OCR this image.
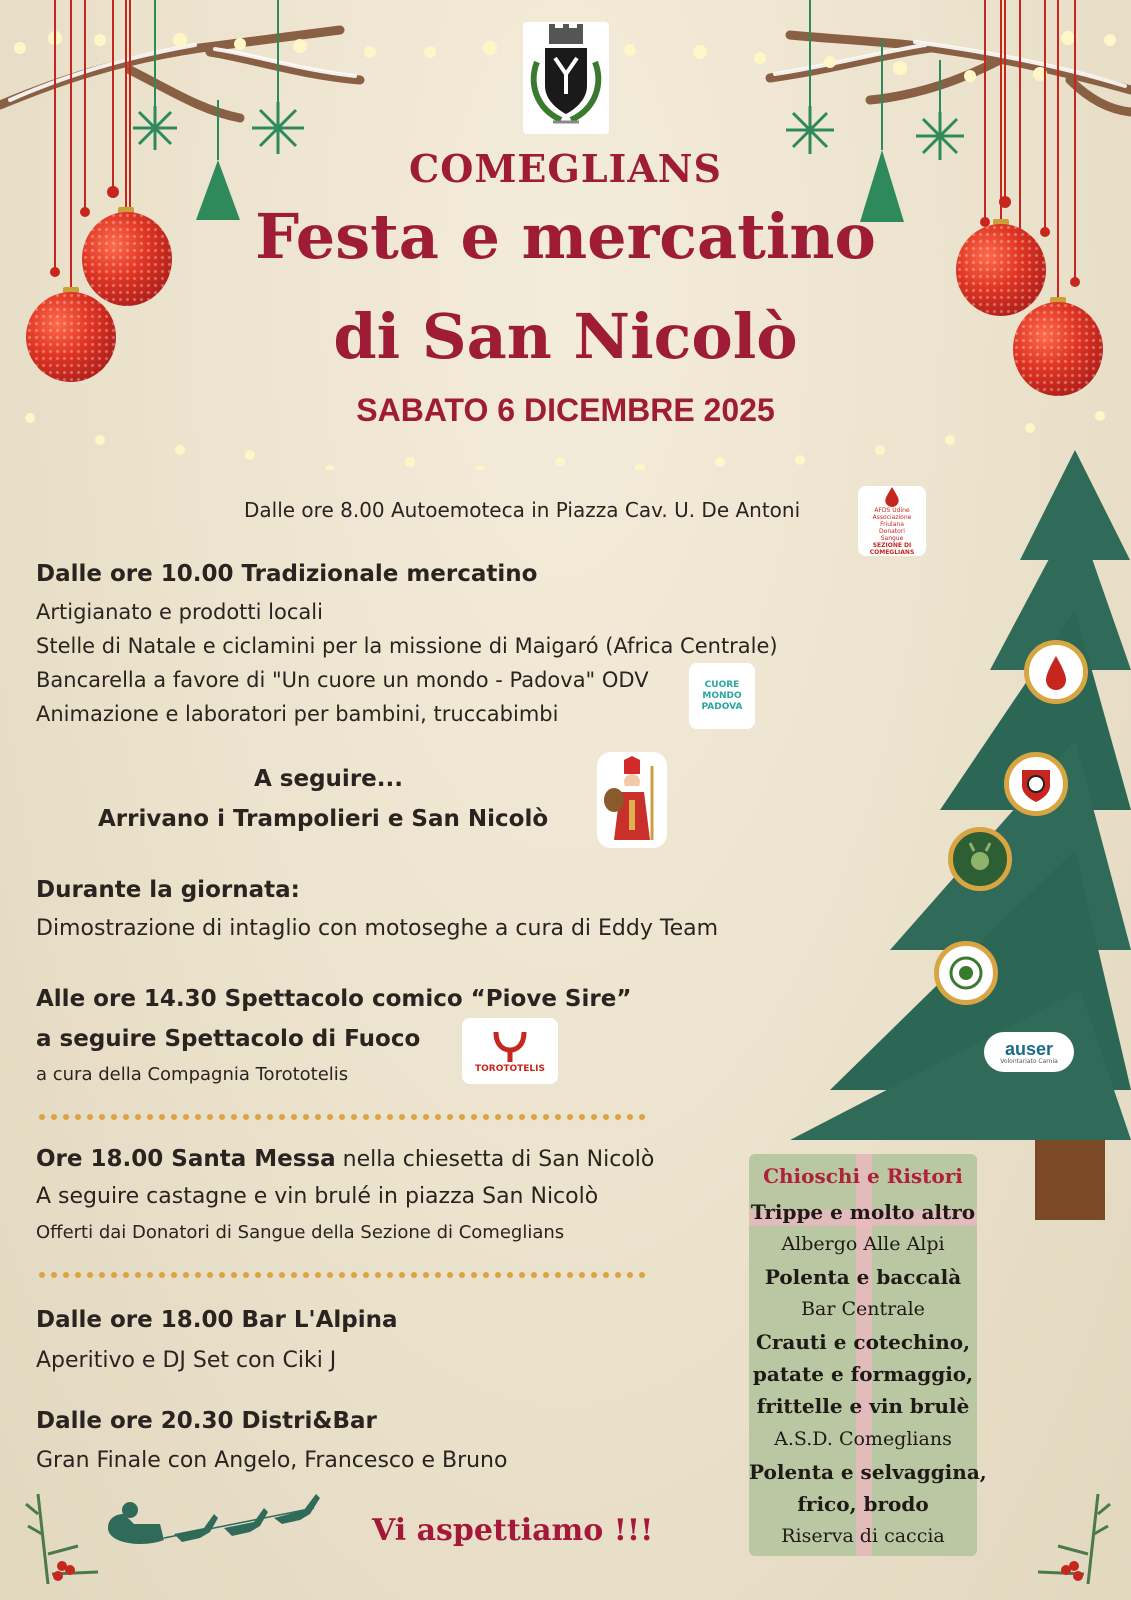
COMEGLIANS
Festa e mercatino
di San Nicolò
SABATO 6 DICEMBRE 2025
auser
Volontariato Carnia
Dalle ore 8.00 Autoemoteca in Piazza Cav. U. De Antoni	AFDS Udine
Associazione
Friulana
Donatori
Sangue
SEZIONE DI
COMEGLIANS
Dalle ore 10.00 Tradizionale mercatino
Artigianato e prodotti locali
Stelle di Natale e ciclamini per la missione di Maigaró (Africa Centrale)
Bancarella a favore di "Un cuore un mondo - Padova" ODV
Animazione e laboratori per bambini, truccabimbi
CUORE MONDO PADOVA
A seguire...
Arrivano i Trampolieri e San Nicolò
Durante la giornata:
Dimostrazione di intaglio con motoseghe a cura di Eddy Team
Alle ore 14.30 Spettacolo comico “Piove Sire”
a seguire Spettacolo di Fuoco
a cura della Compagnia Torototelis	TOROTOTELIS
Ore 18.00 Santa Messa nella chiesetta di San Nicolò
A seguire castagne e vin brulé in piazza San Nicolò
Offerti dai Donatori di Sangue della Sezione di Comeglians
Dalle ore 18.00 Bar L'Alpina
Aperitivo e DJ Set con Ciki J
Dalle ore 20.30 Distri&Bar
Gran Finale con Angelo, Francesco e Bruno
Chioschi e Ristori
Trippe e molto altro
Albergo Alle Alpi
Polenta e baccalà
Bar Centrale
Crauti e cotechino,
patate e formaggio,
frittelle e vin brulè
A.S.D. Comeglians
Polenta e selvaggina,
frico, brodo
Riserva di caccia
Vi aspettiamo !!!
